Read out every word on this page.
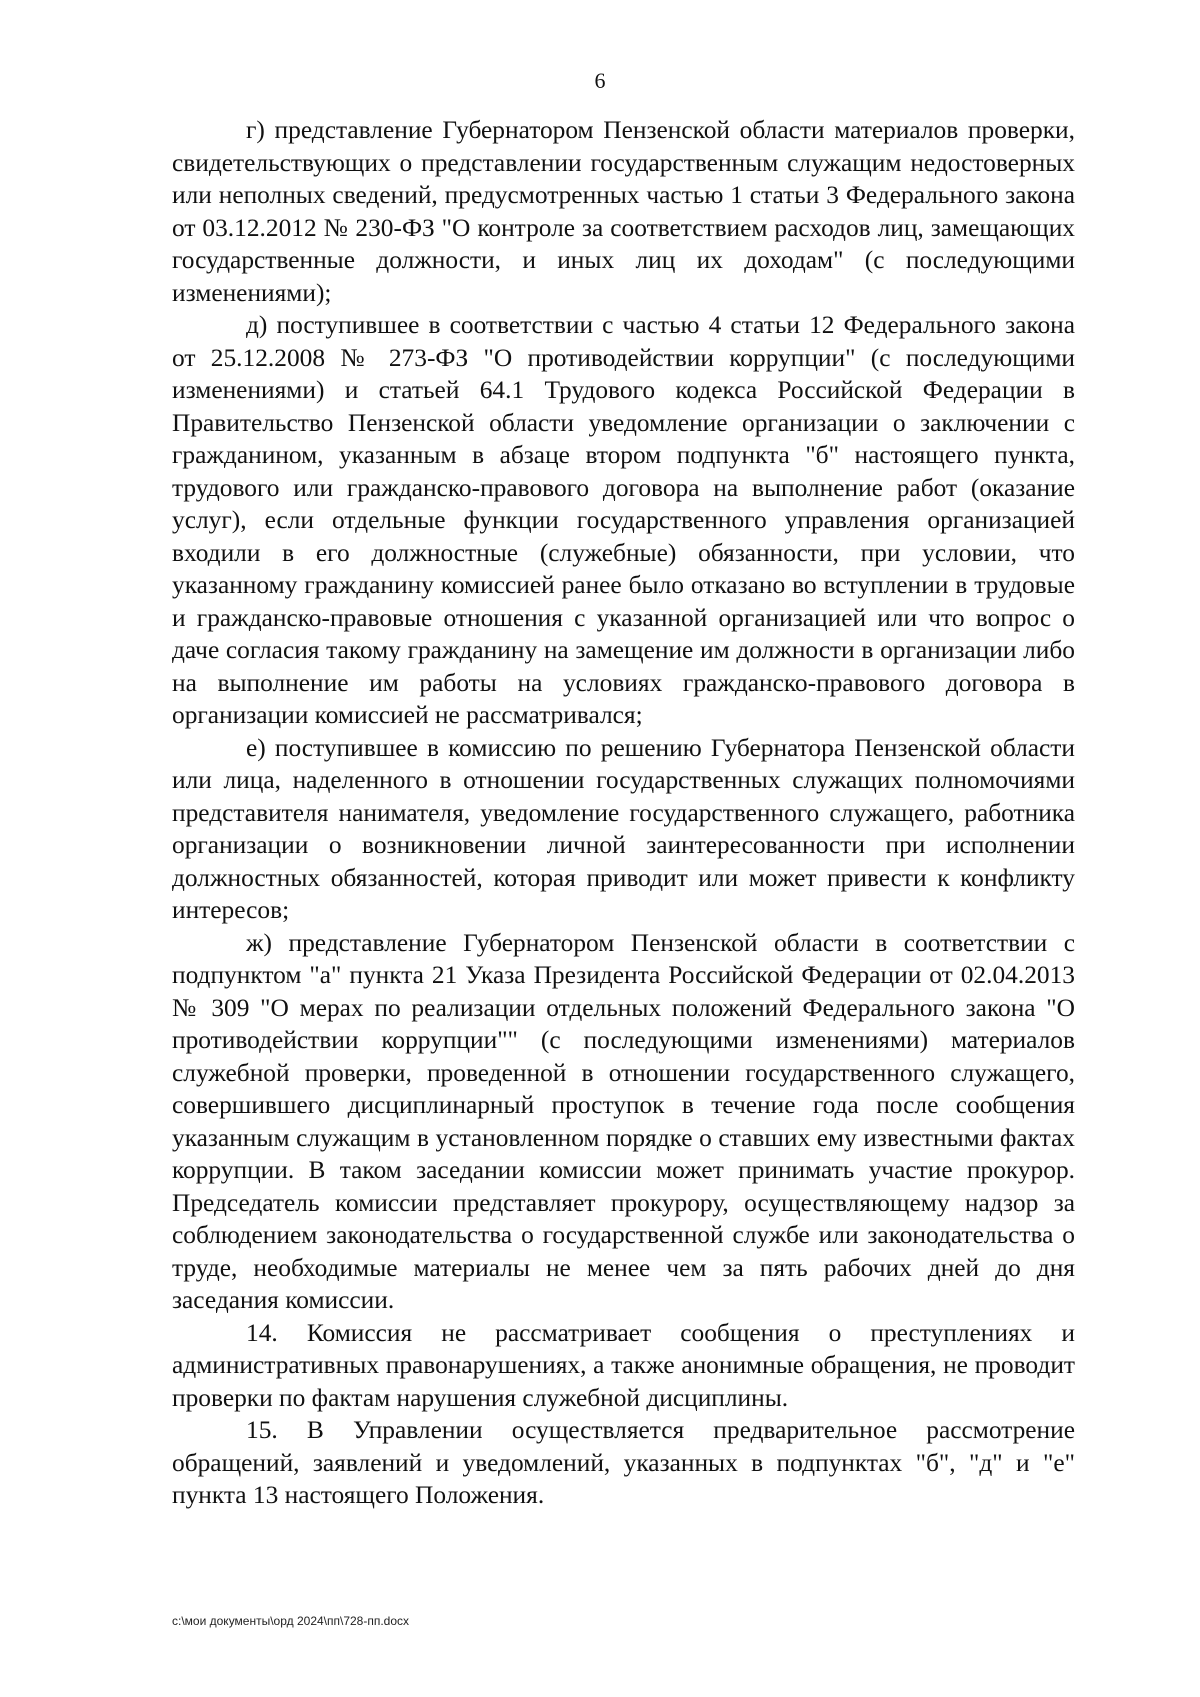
6

г) представление Губернатором Пензенской области материалов проверки, свидетельствующих о представлении государственным служащим недостоверных или неполных сведений, предусмотренных частью 1 статьи 3 Федерального закона от 03.12.2012 № 230-ФЗ "О контроле за соответствием расходов лиц, замещающих государственные должности, и иных лиц их доходам" (с последующими изменениями);

д) поступившее в соответствии с частью 4 статьи 12 Федерального закона от 25.12.2008 № 273-ФЗ "О противодействии коррупции" (с последующими изменениями) и статьей 64.1 Трудового кодекса Российской Федерации в Правительство Пензенской области уведомление организации о заключении с гражданином, указанным в абзаце втором подпункта "б" настоящего пункта, трудового или гражданско-правового договора на выполнение работ (оказание услуг), если отдельные функции государственного управления организацией входили в его должностные (служебные) обязанности, при условии, что указанному гражданину комиссией ранее было отказано во вступлении в трудовые и гражданско-правовые отношения с указанной организацией или что вопрос о даче согласия такому гражданину на замещение им должности в организации либо на выполнение им работы на условиях гражданско-правового договора в организации комиссией не рассматривался;

е) поступившее в комиссию по решению Губернатора Пензенской области или лица, наделенного в отношении государственных служащих полномочиями представителя нанимателя, уведомление государственного служащего, работника организации о возникновении личной заинтересованности при исполнении должностных обязанностей, которая приводит или может привести к конфликту интересов;

ж) представление Губернатором Пензенской области в соответствии с подпунктом "а" пункта 21 Указа Президента Российской Федерации от 02.04.2013 № 309 "О мерах по реализации отдельных положений Федерального закона "О противодействии коррупции"" (с последующими изменениями) материалов служебной проверки, проведенной в отношении государственного служащего, совершившего дисциплинарный проступок в течение года после сообщения указанным служащим в установленном порядке о ставших ему известными фактах коррупции. В таком заседании комиссии может принимать участие прокурор. Председатель комиссии представляет прокурору, осуществляющему надзор за соблюдением законодательства о государственной службе или законодательства о труде, необходимые материалы не менее чем за пять рабочих дней до дня заседания комиссии.

14. Комиссия не рассматривает сообщения о преступлениях и административных правонарушениях, а также анонимные обращения, не проводит проверки по фактам нарушения служебной дисциплины.

15. В Управлении осуществляется предварительное рассмотрение обращений, заявлений и уведомлений, указанных в подпунктах "б", "д" и "е" пункта 13 настоящего Положения.

c:\мои документы\орд 2024\пп\728-пп.docx
